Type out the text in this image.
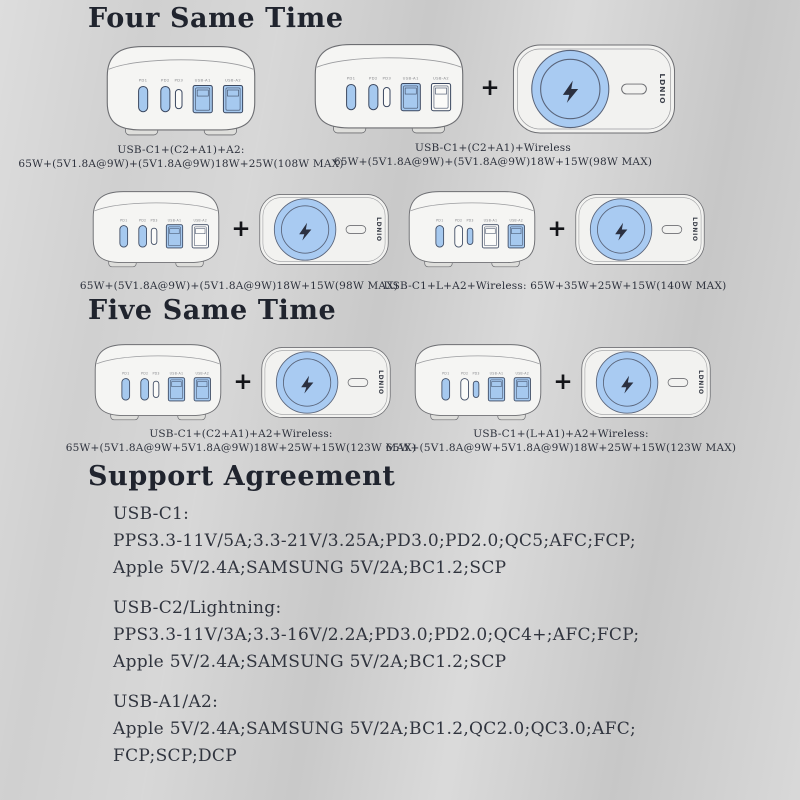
Four Same Time
PD1	PD2 PD3	USB-A1	USB-A2
USB-C1+(C2+A1)+A2:
65W+(5V1.8A@9W)+(5V1.8A@9W)18W+25W(108W MAX)
PD1	PD2 PD3	USB-A1	USB-A2 +	LDNIO
USB-C1+(C2+A1)+Wireless
65W+(5V1.8A@9W)+(5V1.8A@9W)18W+15W(98W MAX)
PD1	PD2 PD3	USB-A1	USB-A2 +	LDNIO
65W+(5V1.8A@9W)+(5V1.8A@9W)18W+15W(98W MAX)
PD1	PD2 PD3	USB-A1	USB-A2 +	LDNIO
USB-C1+L+A2+Wireless: 65W+35W+25W+15W(140W MAX)
Five Same Time
PD1	PD2 PD3	USB-A1	USB-A2 +	LDNIO
USB-C1+(C2+A1)+A2+Wireless:
65W+(5V1.8A@9W+5V1.8A@9W)18W+25W+15W(123W MAX)
PD1	PD2 PD3	USB-A1	USB-A2 +	LDNIO
USB-C1+(L+A1)+A2+Wireless:
65W+(5V1.8A@9W+5V1.8A@9W)18W+25W+15W(123W MAX)
Support Agreement
USB-C1:
PPS3.3-11V/5A;3.3-21V/3.25A;PD3.0;PD2.0;QC5;AFC;FCP;
Apple 5V/2.4A;SAMSUNG 5V/2A;BC1.2;SCP
USB-C2/Lightning:
PPS3.3-11V/3A;3.3-16V/2.2A;PD3.0;PD2.0;QC4+;AFC;FCP;
Apple 5V/2.4A;SAMSUNG 5V/2A;BC1.2;SCP
USB-A1/A2:
Apple 5V/2.4A;SAMSUNG 5V/2A;BC1.2,QC2.0;QC3.0;AFC;
FCP;SCP;DCP
